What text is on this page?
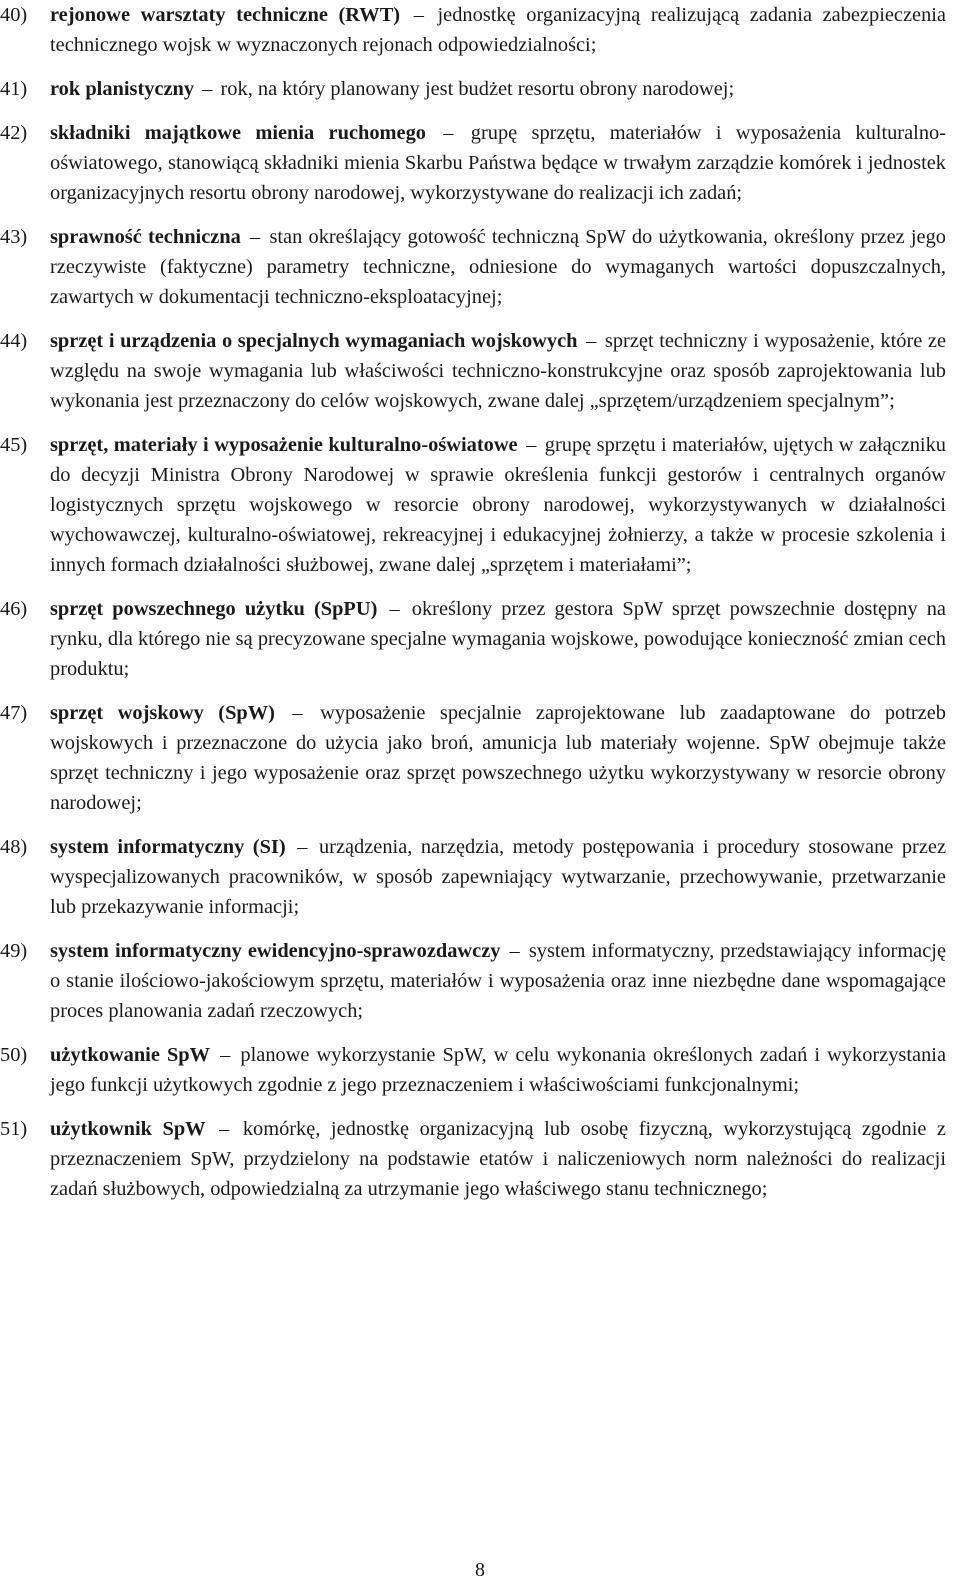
40) rejonowe warsztaty techniczne (RWT) – jednostkę organizacyjną realizującą zadania zabezpieczenia technicznego wojsk w wyznaczonych rejonach odpowiedzialności;
41) rok planistyczny – rok, na który planowany jest budżet resortu obrony narodowej;
42) składniki majątkowe mienia ruchomego – grupę sprzętu, materiałów i wyposażenia kulturalno-oświatowego, stanowiącą składniki mienia Skarbu Państwa będące w trwałym zarządzie komórek i jednostek organizacyjnych resortu obrony narodowej, wykorzystywane do realizacji ich zadań;
43) sprawność techniczna – stan określający gotowość techniczną SpW do użytkowania, określony przez jego rzeczywiste (faktyczne) parametry techniczne, odniesione do wymaganych wartości dopuszczalnych, zawartych w dokumentacji techniczno-eksploatacyjnej;
44) sprzęt i urządzenia o specjalnych wymaganiach wojskowych – sprzęt techniczny i wyposażenie, które ze względu na swoje wymagania lub właściwości techniczno-konstrukcyjne oraz sposób zaprojektowania lub wykonania jest przeznaczony do celów wojskowych, zwane dalej „sprzętem/urządzeniem specjalnym”;
45) sprzęt, materiały i wyposażenie kulturalno-oświatowe – grupę sprzętu i materiałów, ujętych w załączniku do decyzji Ministra Obrony Narodowej w sprawie określenia funkcji gestorów i centralnych organów logistycznych sprzętu wojskowego w resorcie obrony narodowej, wykorzystywanych w działalności wychowawczej, kulturalno-oświatowej, rekreacyjnej i edukacyjnej żołnierzy, a także w procesie szkolenia i innych formach działalności służbowej, zwane dalej „sprzętem i materiałami”;
46) sprzęt powszechnego użytku (SpPU) – określony przez gestora SpW sprzęt powszechnie dostępny na rynku, dla którego nie są precyzowane specjalne wymagania wojskowe, powodujące konieczność zmian cech produktu;
47) sprzęt wojskowy (SpW) – wyposażenie specjalnie zaprojektowane lub zaadaptowane do potrzeb wojskowych i przeznaczone do użycia jako broń, amunicja lub materiały wojenne. SpW obejmuje także sprzęt techniczny i jego wyposażenie oraz sprzęt powszechnego użytku wykorzystywany w resorcie obrony narodowej;
48) system informatyczny (SI) – urządzenia, narzędzia, metody postępowania i procedury stosowane przez wyspecjalizowanych pracowników, w sposób zapewniający wytwarzanie, przechowywanie, przetwarzanie lub przekazywanie informacji;
49) system informatyczny ewidencyjno-sprawozdawczy – system informatyczny, przedstawiający informację o stanie ilościowo-jakościowym sprzętu, materiałów i wyposażenia oraz inne niezbędne dane wspomagające proces planowania zadań rzeczowych;
50) użytkowanie SpW – planowe wykorzystanie SpW, w celu wykonania określonych zadań i wykorzystania jego funkcji użytkowych zgodnie z jego przeznaczeniem i właściwościami funkcjonalnymi;
51) użytkownik SpW – komórkę, jednostkę organizacyjną lub osobę fizyczną, wykorzystującą zgodnie z przeznaczeniem SpW, przydzielony na podstawie etatów i naliczeniowych norm należności do realizacji zadań służbowych, odpowiedzialną za utrzymanie jego właściwego stanu technicznego;
8
